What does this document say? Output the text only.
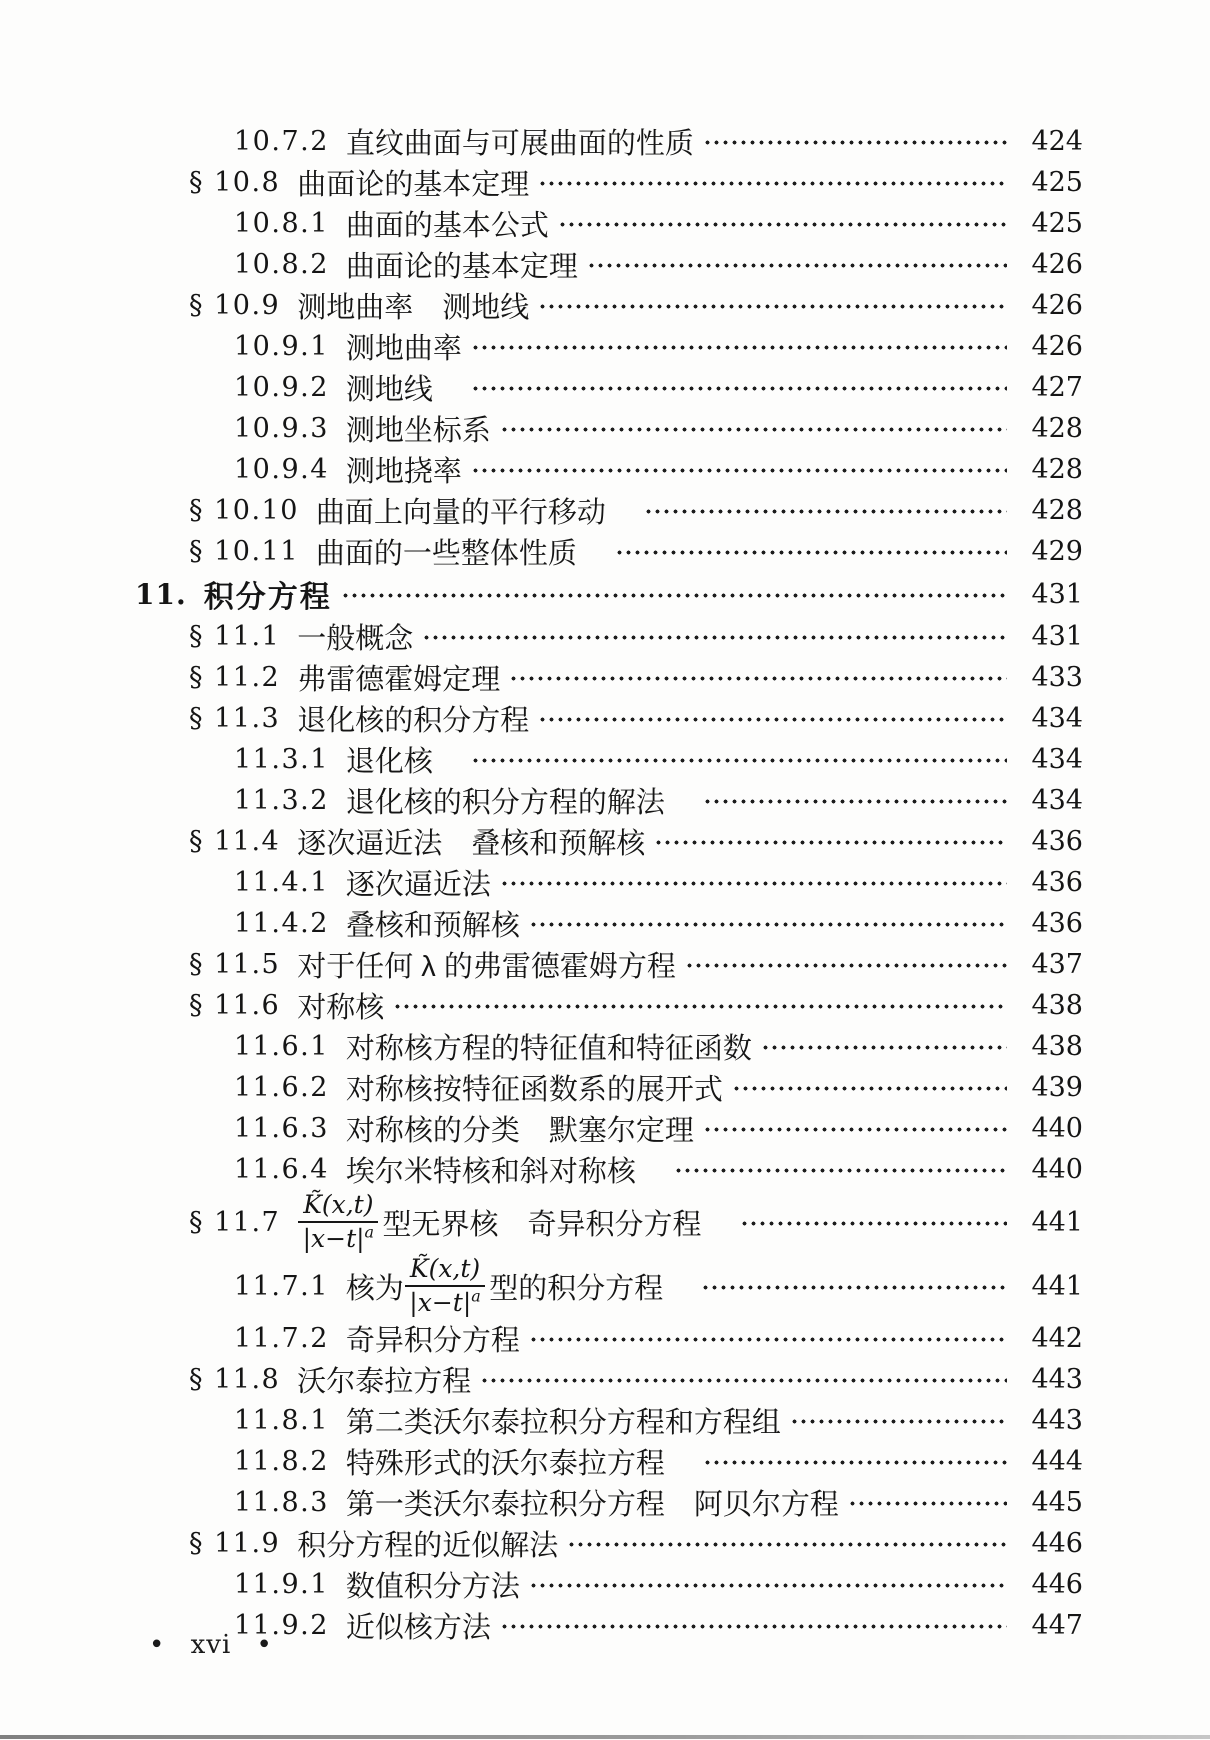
10.7.2 直纹曲面与可展曲面的性质	424
§ 10.8 曲面论的基本定理	425
10.8.1 曲面的基本公式	425
10.8.2 曲面论的基本定理	426
§ 10.9 测地曲率　测地线	426
10.9.1 测地曲率	426
10.9.2 测地线　	427
10.9.3 测地坐标系	428
10.9.4 测地挠率	428
§ 10.10 曲面上向量的平行移动　	428
§ 10.11 曲面的一些整体性质　	429
11. 积分方程	431
§ 11.1 一般概念	431
§ 11.2 弗雷德霍姆定理	433
§ 11.3 退化核的积分方程	434
11.3.1 退化核　	434
11.3.2 退化核的积分方程的解法　	434
§ 11.4 逐次逼近法　叠核和预解核	436
11.4.1 逐次逼近法	436
11.4.2 叠核和预解核	436
§ 11.5 对于任何 λ 的弗雷德霍姆方程	437
§ 11.6 对称核	438
11.6.1 对称核方程的特征值和特征函数	438
11.6.2 对称核按特征函数系的展开式	439
11.6.3 对称核的分类　默塞尔定理	440
11.6.4 埃尔米特核和斜对称核　	440
§ $11.7 \frac{K̃(x,t)}{|x-t|^a}$ 型无界核　奇异积分方程　	441
11.7.1 核为 $\frac{K̃(x,t)}{|x-t|^a}$ 型的积分方程　	441
11.7.2 奇异积分方程	442
§ 11.8 沃尔泰拉方程	443
11.8.1 第二类沃尔泰拉积分方程和方程组	443
11.8.2 特殊形式的沃尔泰拉方程　	444
11.8.3 第一类沃尔泰拉积分方程　阿贝尔方程	445
§ 11.9 积分方程的近似解法	446
11.9.1 数值积分方法	446
11.9.2 近似核方法	447
• xvi •
